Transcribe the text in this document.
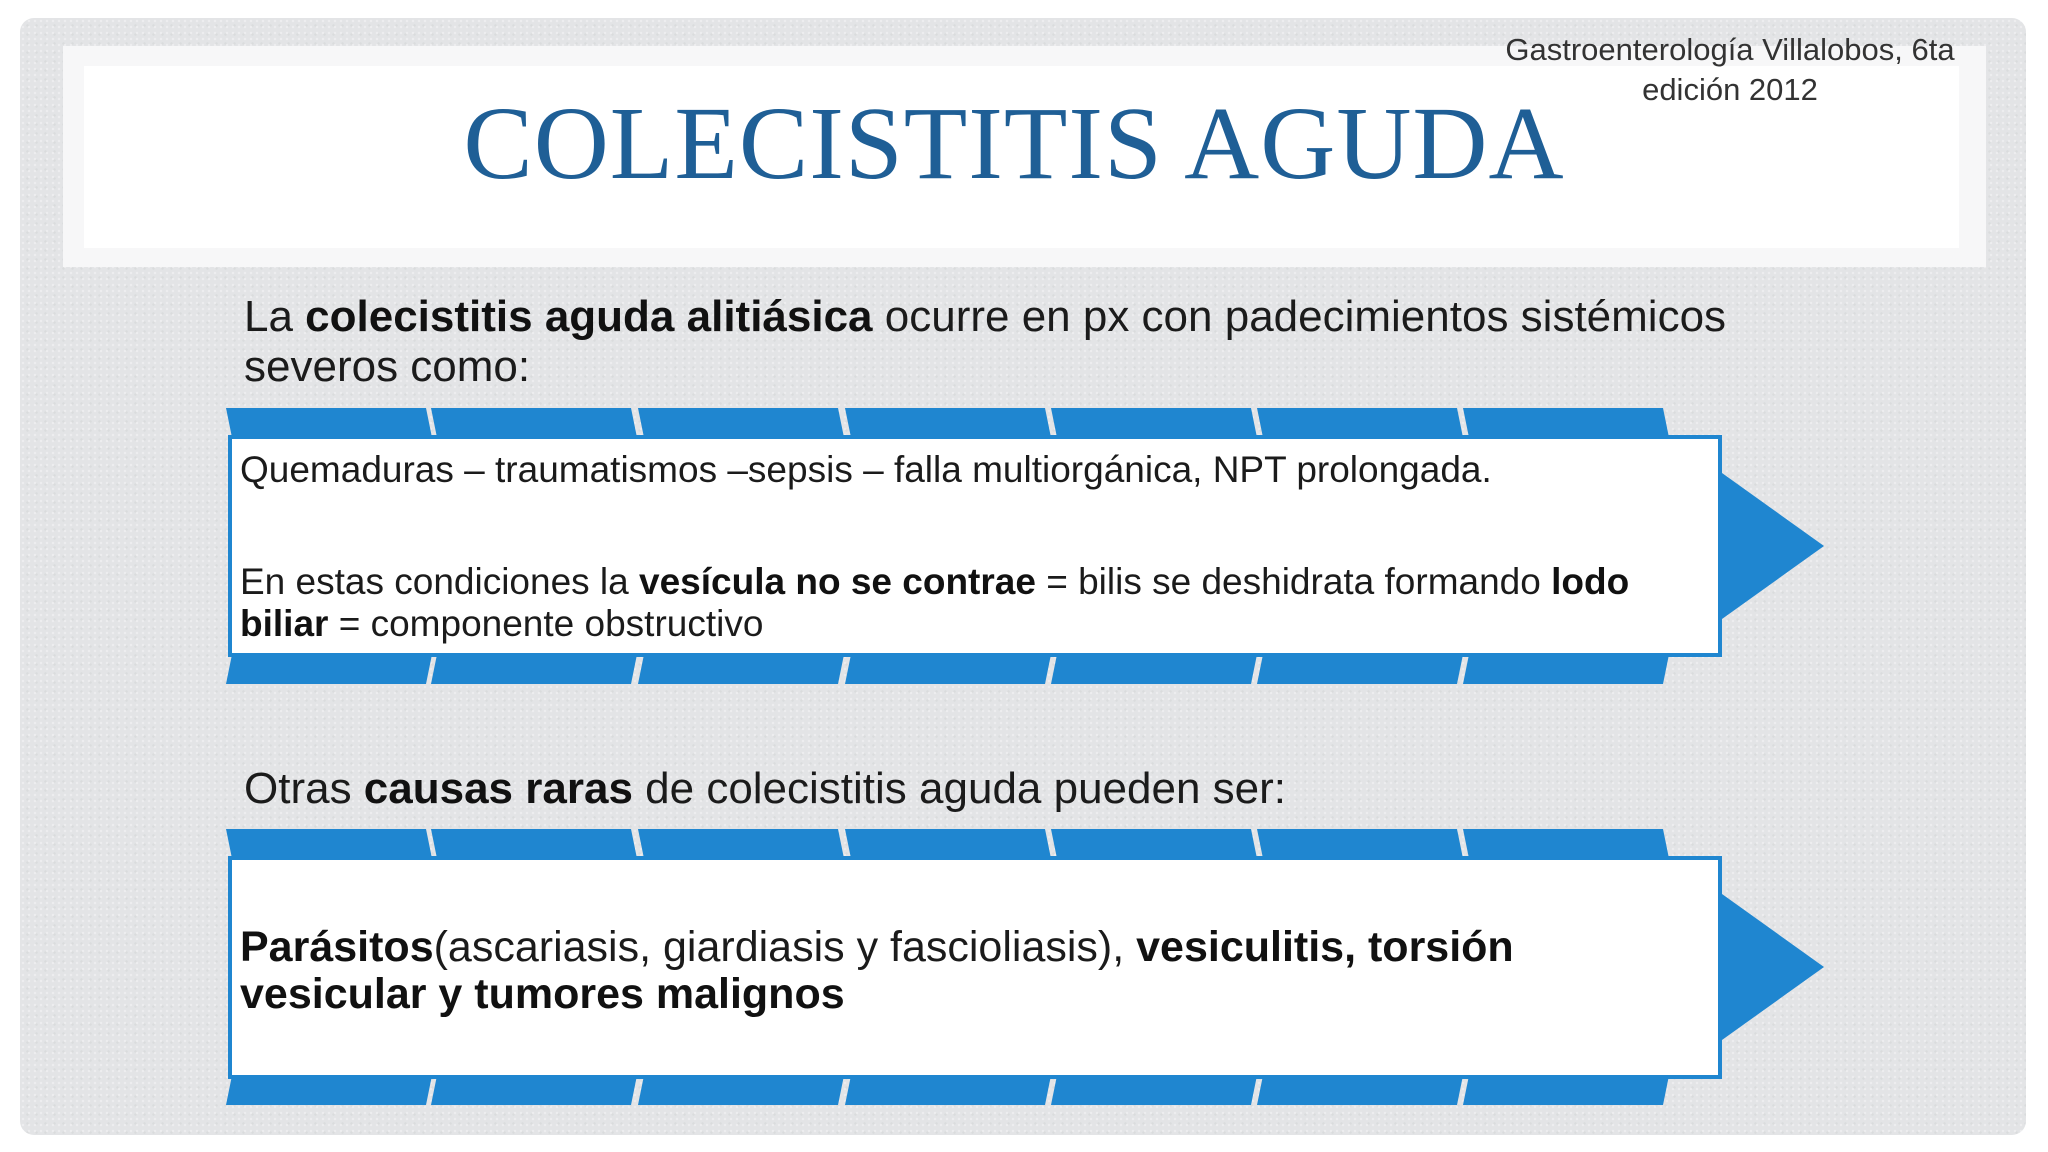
Gastroenterología Villalobos, 6ta
edición 2012
COLECISTITIS AGUDA
La colecistitis aguda alitiásica ocurre en px con padecimientos sistémicos severos como:
Otras causas raras de colecistitis aguda pueden ser:
Quemaduras – traumatismos –sepsis – falla multiorgánica, NPT prolongada.
En estas condiciones la vesícula no se contrae = bilis se deshidrata formando lodo biliar = componente obstructivo
Parásitos(ascariasis, giardiasis y fascioliasis), vesiculitis, torsión vesicular y tumores malignos
